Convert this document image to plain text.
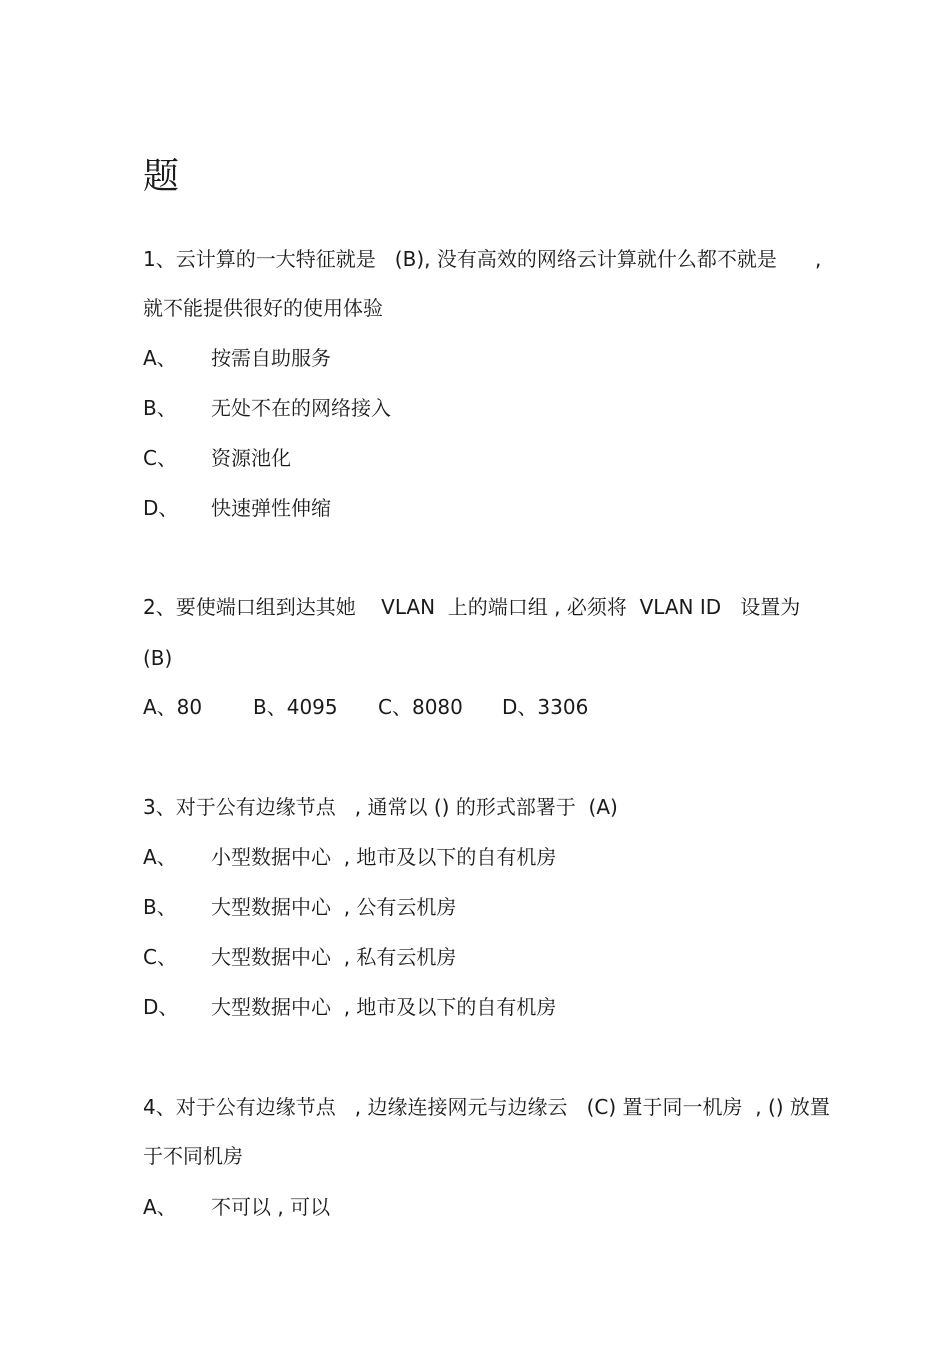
题
1、云计算的一大特征就是   (B), 没有高效的网络云计算就什么都不就是      ,
就不能提供很好的使用体验

A、

按需自助服务

B、

无处不在的网络接入

C、

资源池化

D、

快速弹性伸缩

2、要使端口组到达其她    VLAN  上的端口组 , 必须将  VLAN ID   设置为
(B)

A、80

	B、4095

C、8080

D、3306

3、对于公有边缘节点   , 通常以 () 的形式部署于  (A)

A、

小型数据中心  , 地市及以下的自有机房

B、

大型数据中心  , 公有云机房

C、

大型数据中心  , 私有云机房

D、

大型数据中心  , 地市及以下的自有机房

4、对于公有边缘节点   , 边缘连接网元与边缘云   (C) 置于同一机房  , () 放置
于不同机房

A、

不可以 , 可以
